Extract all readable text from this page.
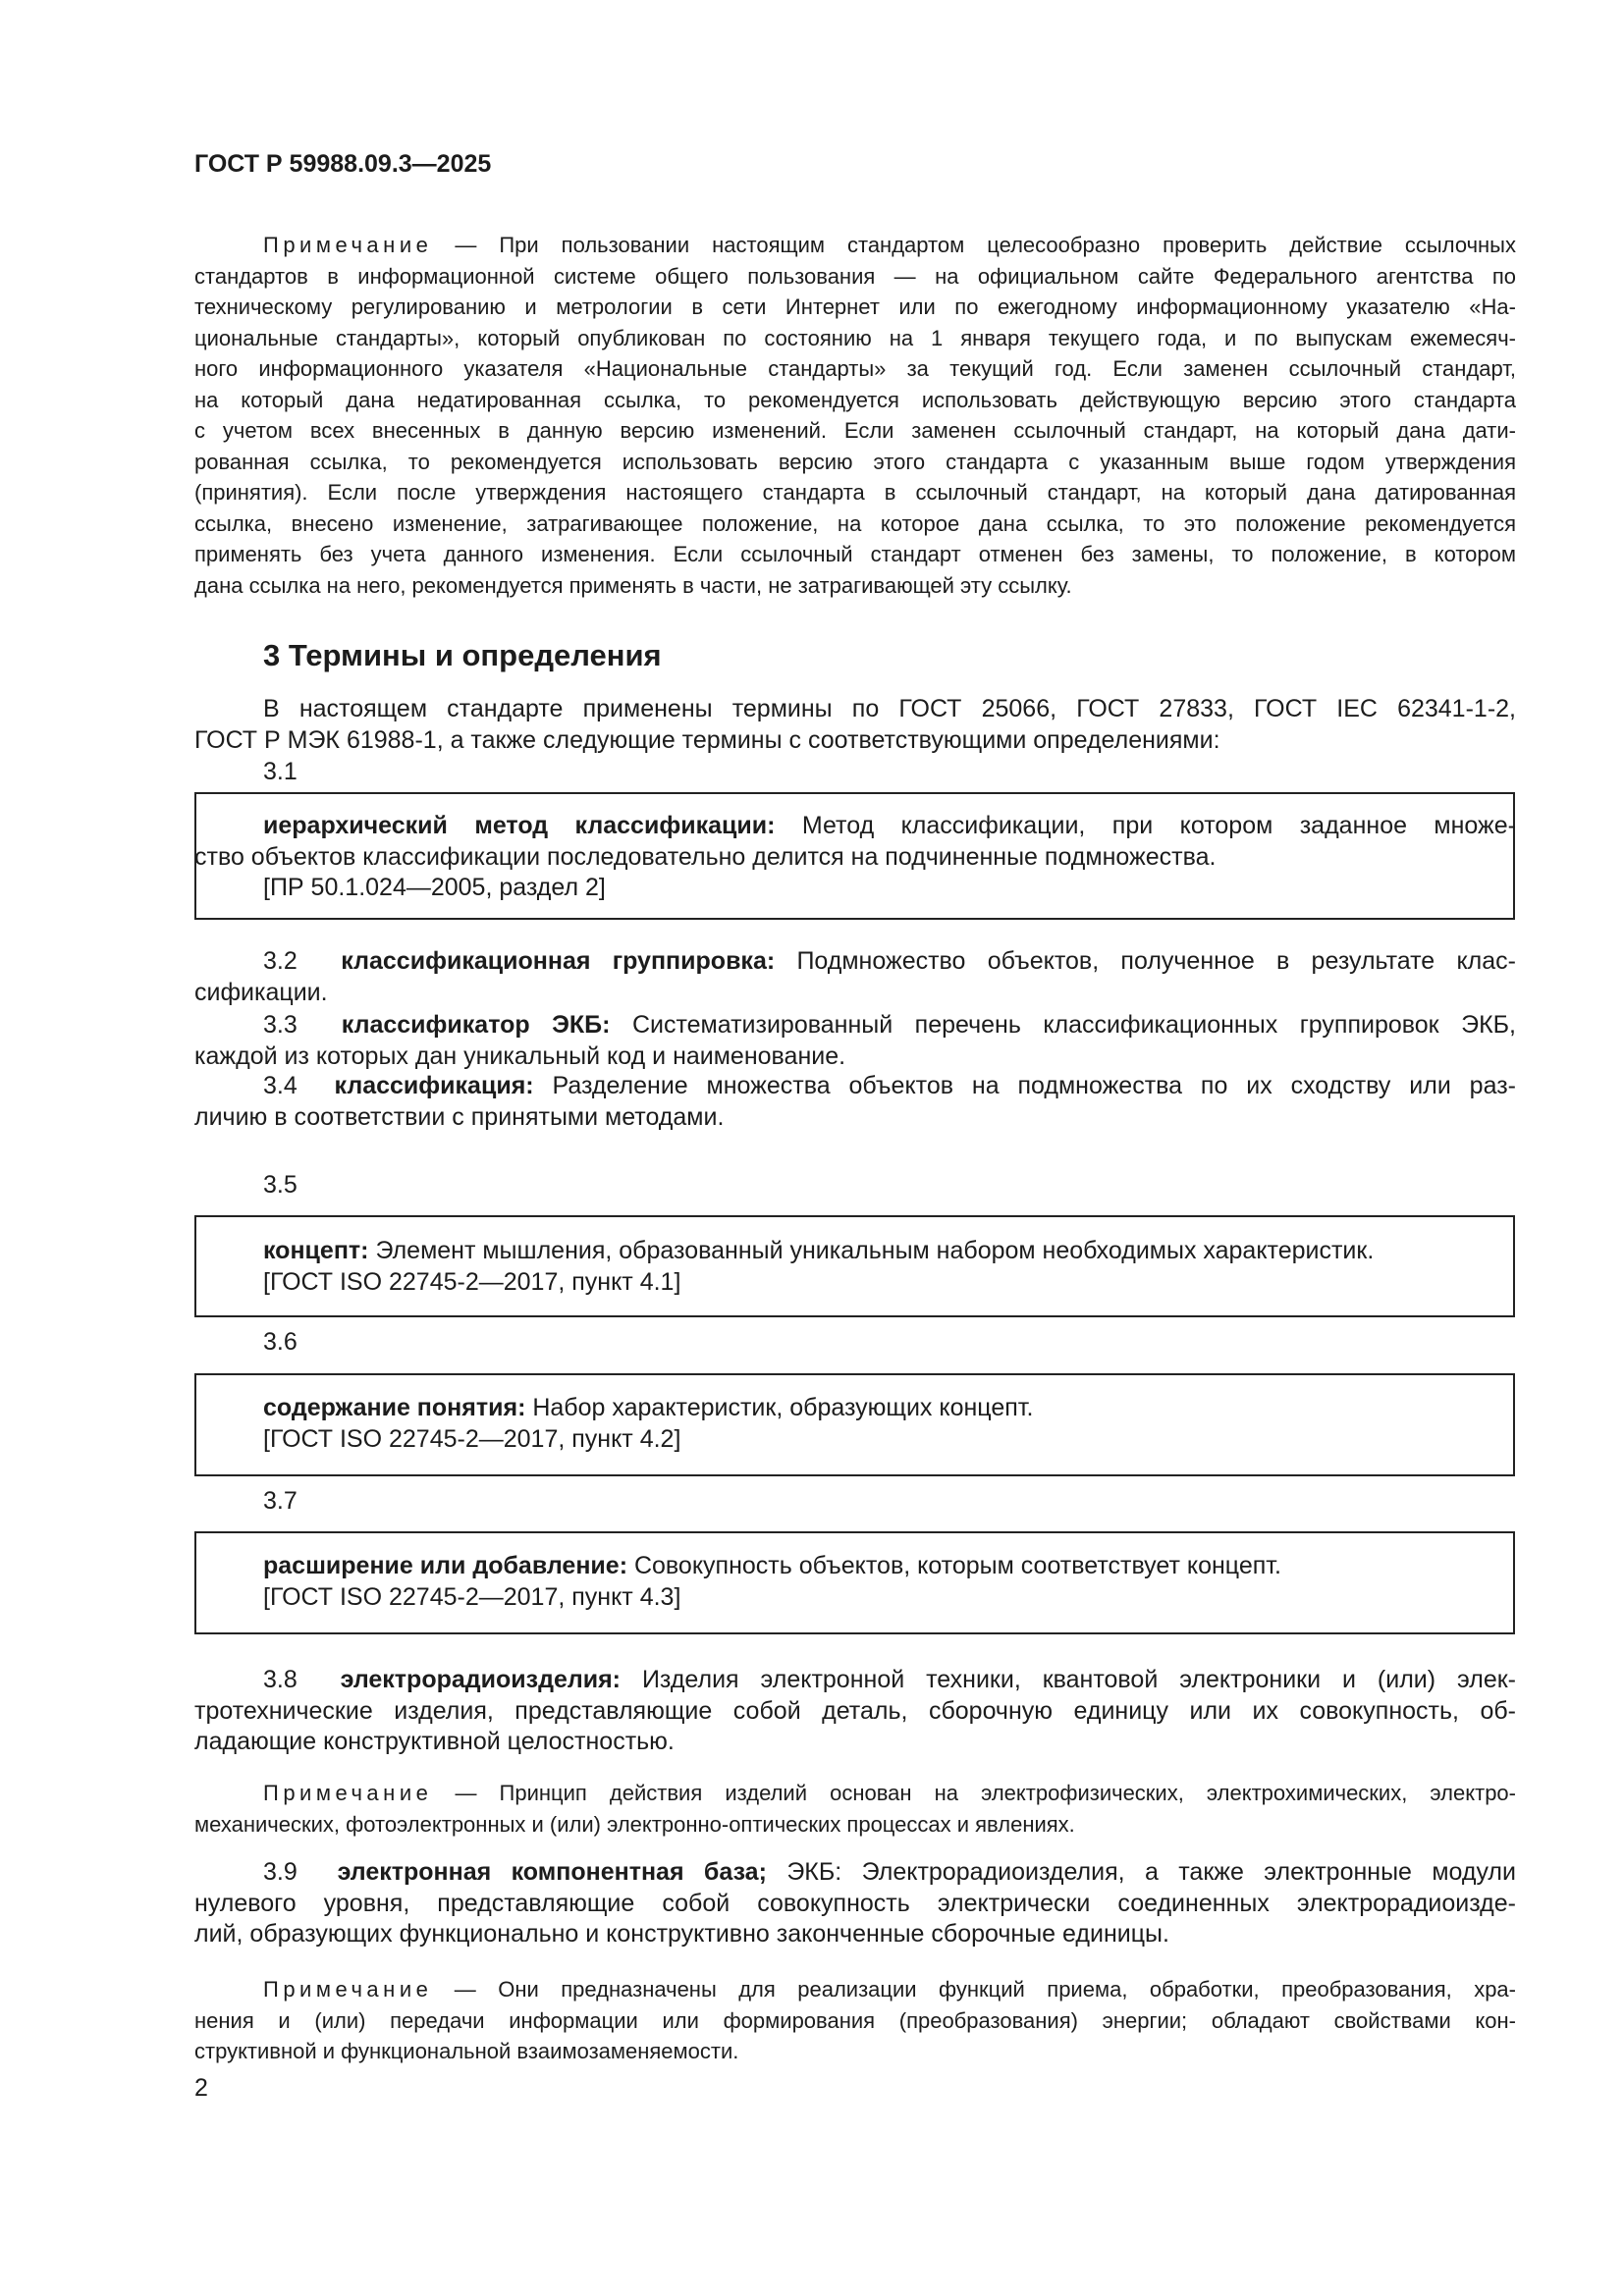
ГОСТ Р 59988.09.3—2025
Примечание — При пользовании настоящим стандартом целесообразно проверить действие ссылочных
стандартов в информационной системе общего пользования — на официальном сайте Федерального агентства по
техническому регулированию и метрологии в сети Интернет или по ежегодному информационному указателю «На-
циональные стандарты», который опубликован по состоянию на 1 января текущего года, и по выпускам ежемесяч-
ного информационного указателя «Национальные стандарты» за текущий год. Если заменен ссылочный стандарт,
на который дана недатированная ссылка, то рекомендуется использовать действующую версию этого стандарта
с учетом всех внесенных в данную версию изменений. Если заменен ссылочный стандарт, на который дана дати-
рованная ссылка, то рекомендуется использовать версию этого стандарта с указанным выше годом утверждения
(принятия). Если после утверждения настоящего стандарта в ссылочный стандарт, на который дана датированная
ссылка, внесено изменение, затрагивающее положение, на которое дана ссылка, то это положение рекомендуется
применять без учета данного изменения. Если ссылочный стандарт отменен без замены, то положение, в котором
дана ссылка на него, рекомендуется применять в части, не затрагивающей эту ссылку.
3 Термины и определения
В настоящем стандарте применены термины по ГОСТ 25066, ГОСТ 27833, ГОСТ IEC 62341-1-2,
ГОСТ Р МЭК 61988-1, а также следующие термины с соответствующими определениями:
3.1
иерархический метод классификации: Метод классификации, при котором заданное множе-
ство объектов классификации последовательно делится на подчиненные подмножества.
[ПР 50.1.024—2005, раздел 2]
3.2 классификационная группировка: Подмножество объектов, полученное в результате клас-
сификации.
3.3 классификатор ЭКБ: Систематизированный перечень классификационных группировок ЭКБ,
каждой из которых дан уникальный код и наименование.
3.4 классификация: Разделение множества объектов на подмножества по их сходству или раз-
личию в соответствии с принятыми методами.
3.5
концепт: Элемент мышления, образованный уникальным набором необходимых характеристик.
[ГОСТ ISO 22745-2—2017, пункт 4.1]
3.6
содержание понятия: Набор характеристик, образующих концепт.
[ГОСТ ISO 22745-2—2017, пункт 4.2]
3.7
расширение или добавление: Совокупность объектов, которым соответствует концепт.
[ГОСТ ISO 22745-2—2017, пункт 4.3]
3.8 электрорадиоизделия: Изделия электронной техники, квантовой электроники и (или) элек-
тротехнические изделия, представляющие собой деталь, сборочную единицу или их совокупность, об-
ладающие конструктивной целостностью.
Примечание — Принцип действия изделий основан на электрофизических, электрохимических, электро-
механических, фотоэлектронных и (или) электронно-оптических процессах и явлениях.
3.9 электронная компонентная база; ЭКБ: Электрорадиоизделия, а также электронные модули
нулевого уровня, представляющие собой совокупность электрически соединенных электрорадиоизде-
лий, образующих функционально и конструктивно законченные сборочные единицы.
Примечание — Они предназначены для реализации функций приема, обработки, преобразования, хра-
нения и (или) передачи информации или формирования (преобразования) энергии; обладают свойствами кон-
структивной и функциональной взаимозаменяемости.
2
